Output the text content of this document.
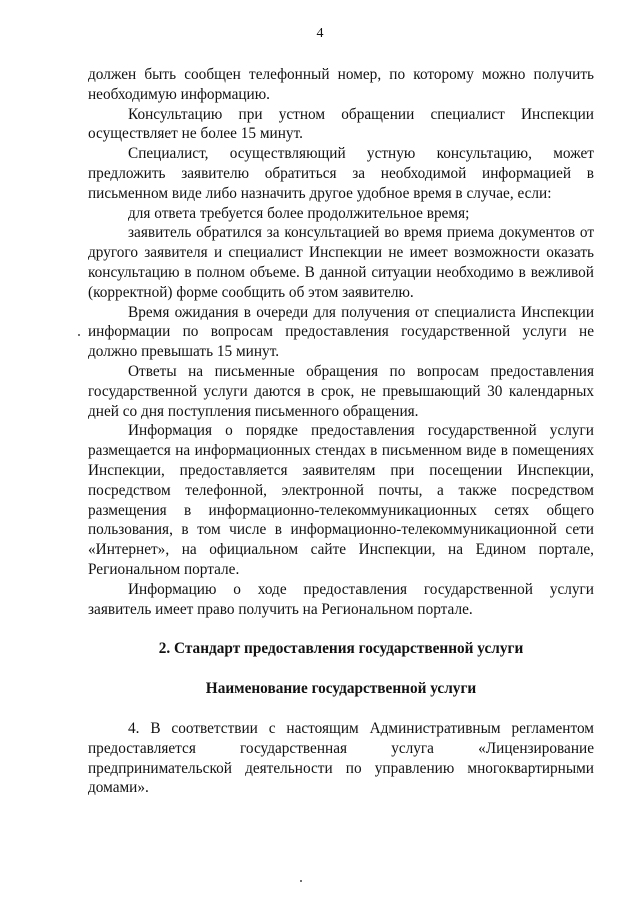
4

должен быть сообщен телефонный номер, по которому можно получить необходимую информацию.

Консультацию при устном обращении специалист Инспекции осуществляет не более 15 минут.

Специалист, осуществляющий устную консультацию, может предложить заявителю обратиться за необходимой информацией в письменном виде либо назначить другое удобное время в случае, если:

для ответа требуется более продолжительное время;

заявитель обратился за консультацией во время приема документов от другого заявителя и специалист Инспекции не имеет возможности оказать консультацию в полном объеме. В данной ситуации необходимо в вежливой (корректной) форме сообщить об этом заявителю.

Время ожидания в очереди для получения от специалиста Инспекции информации по вопросам предоставления государственной услуги не должно превышать 15 минут.

Ответы на письменные обращения по вопросам предоставления государственной услуги даются в срок, не превышающий 30 календарных дней со дня поступления письменного обращения.

Информация о порядке предоставления государственной услуги размещается на информационных стендах в письменном виде в помещениях Инспекции, предоставляется заявителям при посещении Инспекции, посредством телефонной, электронной почты, а также посредством размещения в информационно-телекоммуникационных сетях общего пользования, в том числе в информационно-телекоммуникационной сети «Интернет», на официальном сайте Инспекции, на Едином портале, Региональном портале.

Информацию о ходе предоставления государственной услуги заявитель имеет право получить на Региональном портале.

2. Стандарт предоставления государственной услуги

Наименование государственной услуги

4. В соответствии с настоящим Административным регламентом предоставляется государственная услуга «Лицензирование предпринимательской деятельности по управлению многоквартирными домами».
